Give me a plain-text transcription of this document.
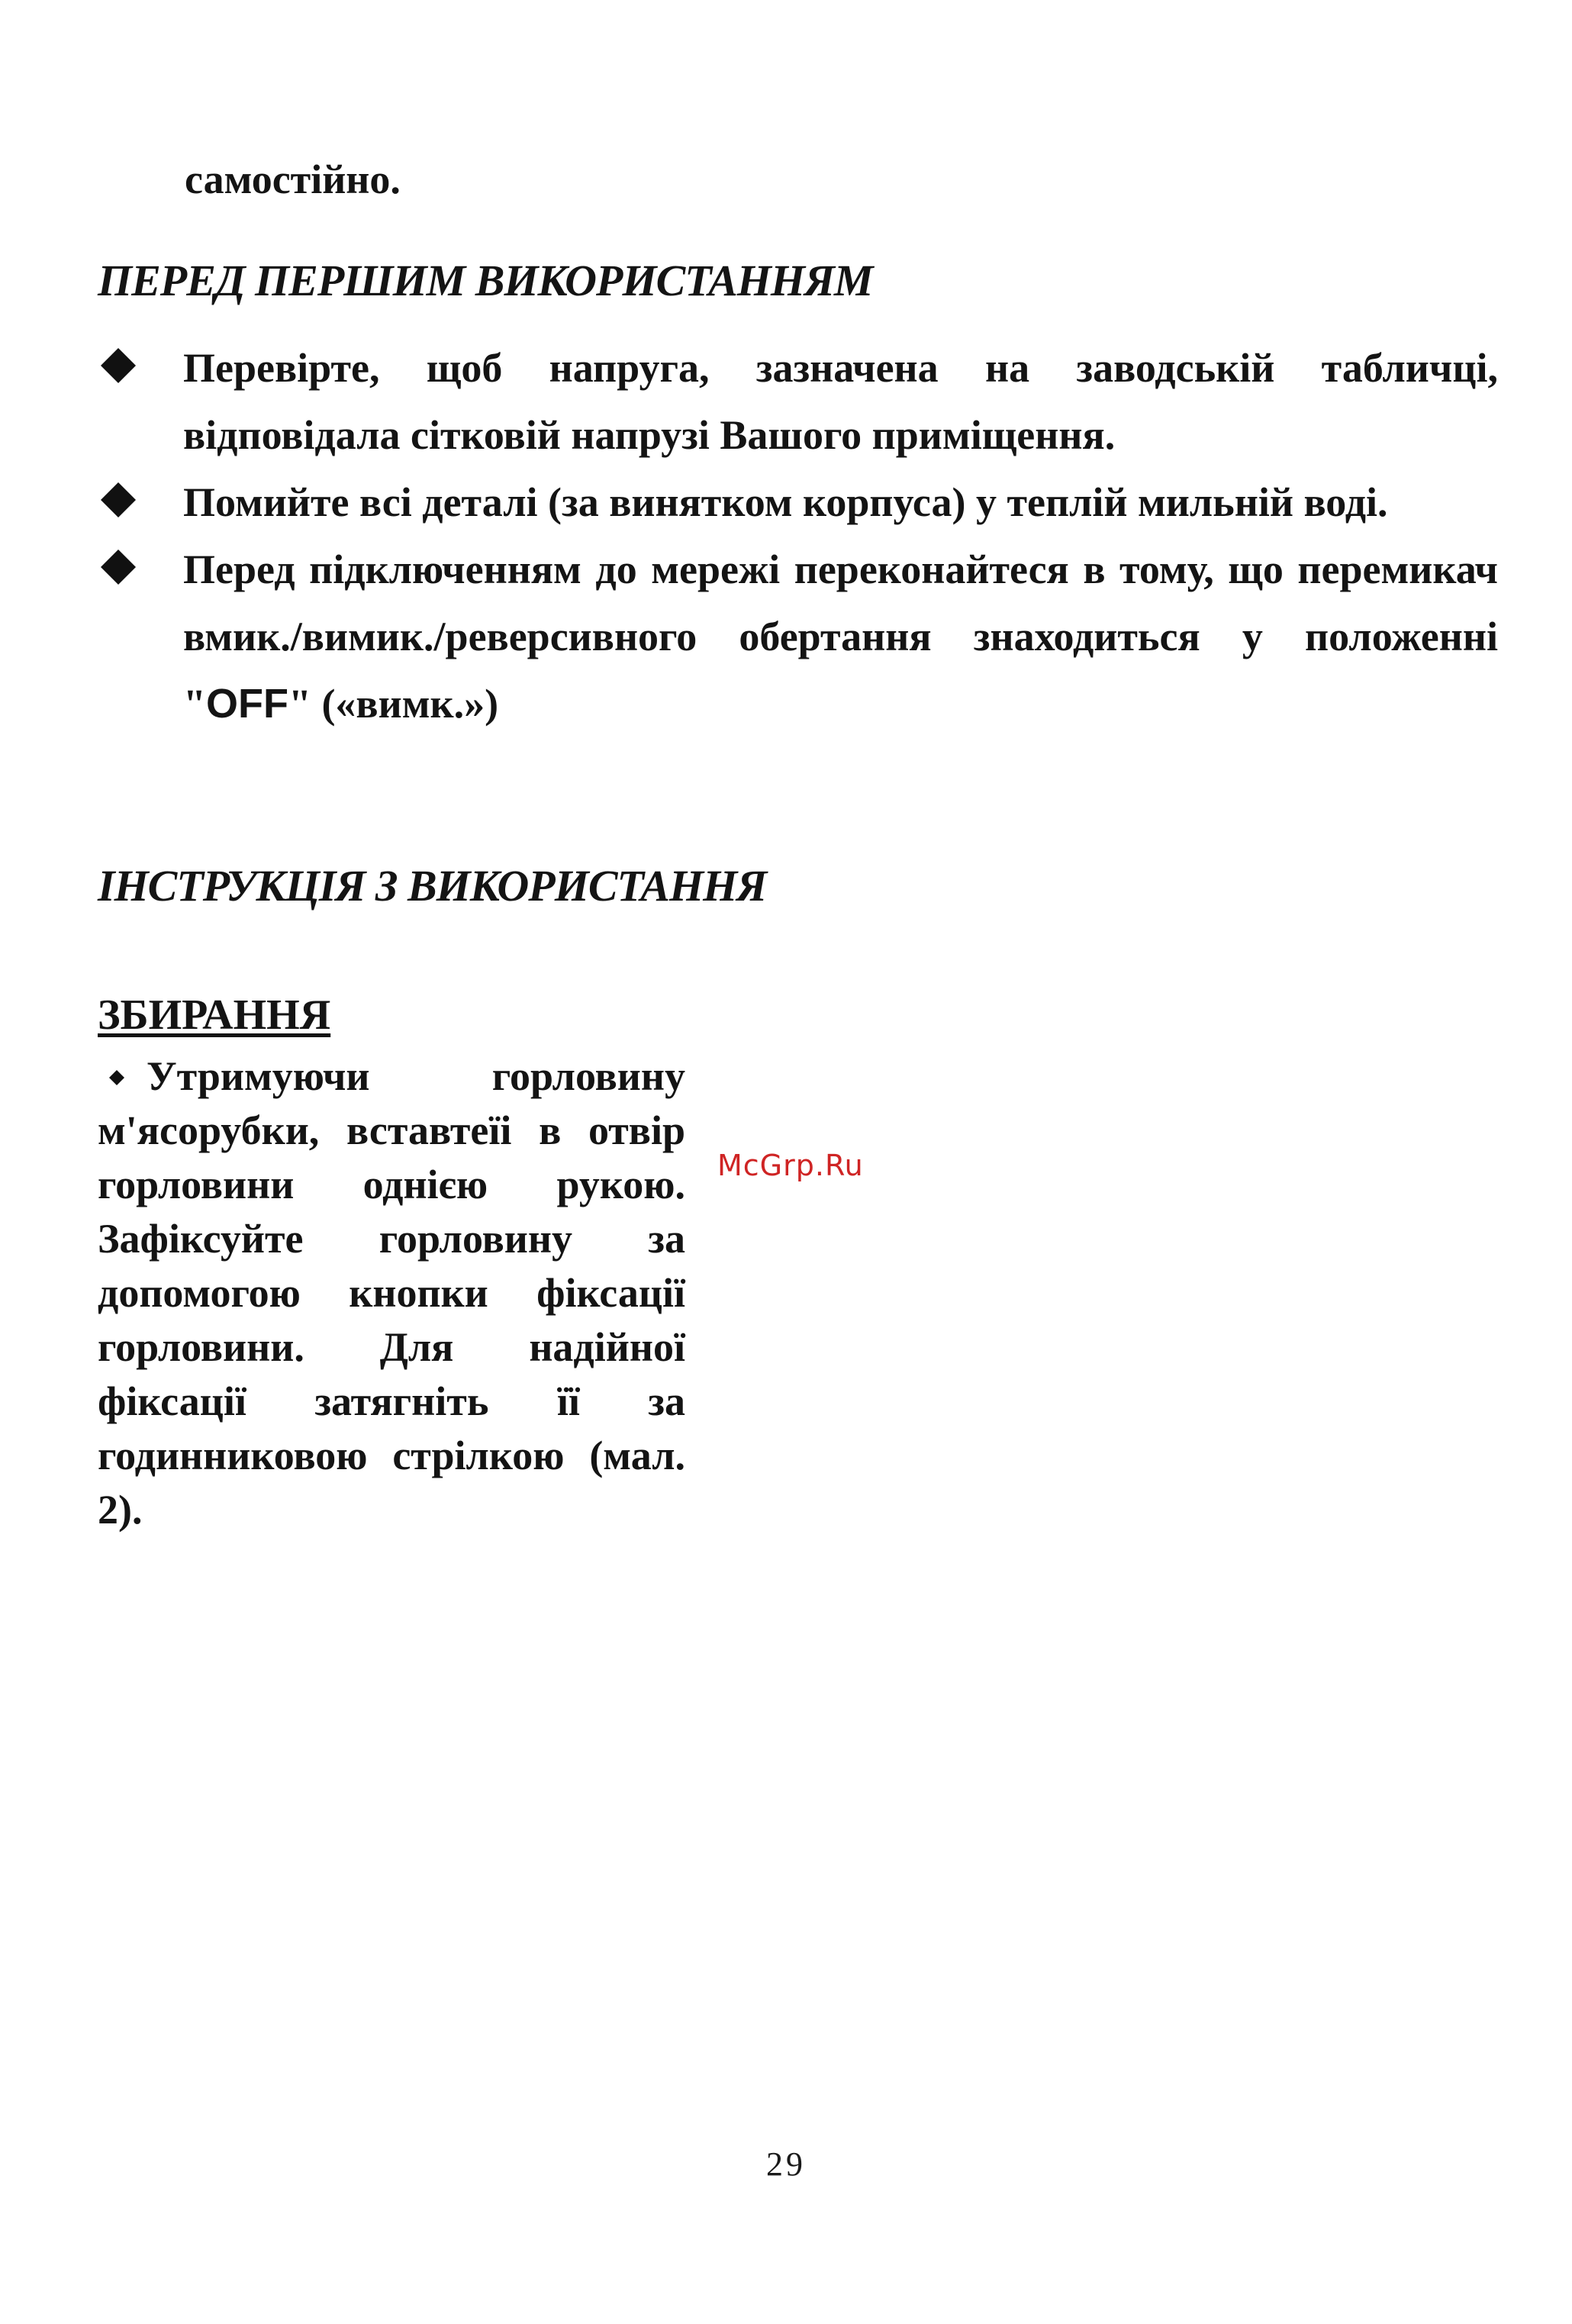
самостійно.
ПЕРЕД ПЕРШИМ ВИКОРИСТАННЯМ
Перевірте, щоб напруга, зазначена на заводській табличці, відповідала сітковій напрузі Вашого приміщення.
Помийте всі деталі (за винятком корпуса) у теплій мильній воді.
Перед підключенням до мережі переконайтеся в тому, що перемикач вмик./вимик./реверсивного обертання знаходиться у положенні "OFF" («вимк.»)
ІНСТРУКЦІЯ З ВИКОРИСТАННЯ
ЗБИРАННЯ

Утримуючи горловину м'ясорубки, вставтеїі в отвір горловини однією рукою. Зафіксуйте горловину за допомогою кнопки фіксації горловини. Для надійної фіксації затягніть її за годинниковою стрілкою (мал. 2).

McGrp.Ru
29
